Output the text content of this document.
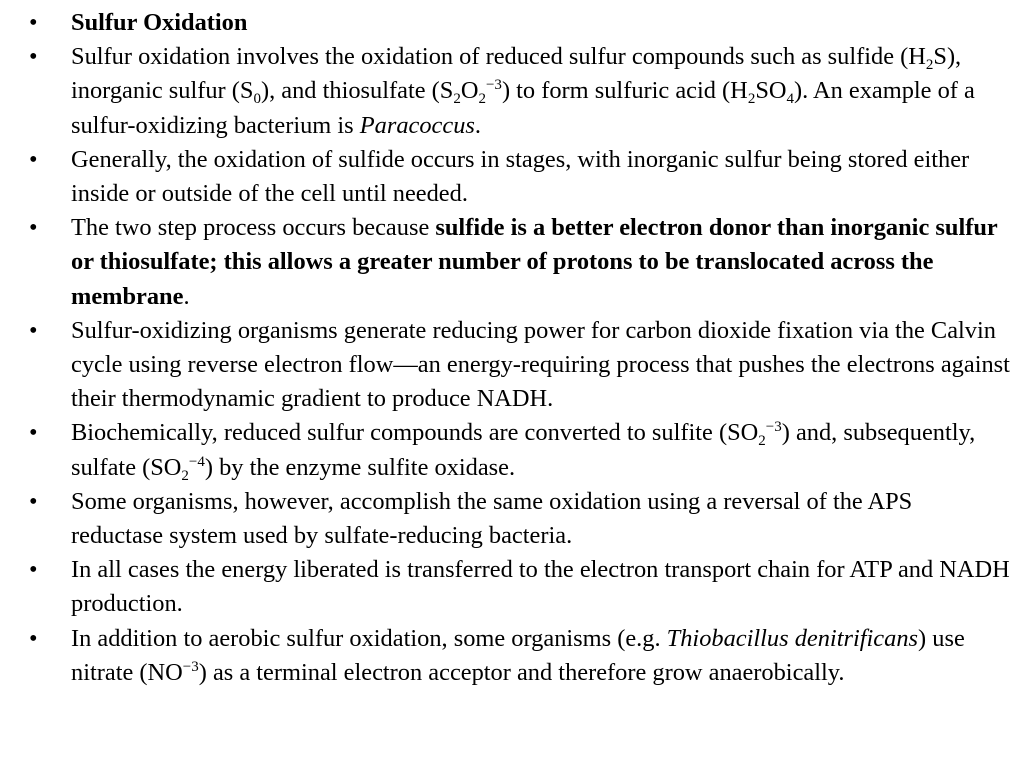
• Sulfur Oxidation
• Sulfur oxidation involves the oxidation of reduced sulfur compounds such as sulfide $(H_2S)$, inorganic sulfur $(S_0)$, and thiosulfate $(S_2O_2^{-3})$ to form sulfuric acid $(H_2SO_4)$. An example of a sulfur-oxidizing bacterium is Paracoccus.
• Generally, the oxidation of sulfide occurs in stages, with inorganic sulfur being stored either inside or outside of the cell until needed.
• The two step process occurs because sulfide is a better electron donor than inorganic sulfur or thiosulfate; this allows a greater number of protons to be translocated across the membrane.
• Sulfur-oxidizing organisms generate reducing power for carbon dioxide fixation via the Calvin cycle using reverse electron flow—an energy-requiring process that pushes the electrons against their thermodynamic gradient to produce NADH.
• Biochemically, reduced sulfur compounds are converted to sulfite $(SO_2^{-3})$ and, subsequently, sulfate $(SO_2^{-4})$ by the enzyme sulfite oxidase.
• Some organisms, however, accomplish the same oxidation using a reversal of the APS reductase system used by sulfate-reducing bacteria.
• In all cases the energy liberated is transferred to the electron transport chain for ATP and NADH production.
• In addition to aerobic sulfur oxidation, some organisms (e.g. Thiobacillus denitrificans) use nitrate $(NO^{-3})$ as a terminal electron acceptor and therefore grow anaerobically.
